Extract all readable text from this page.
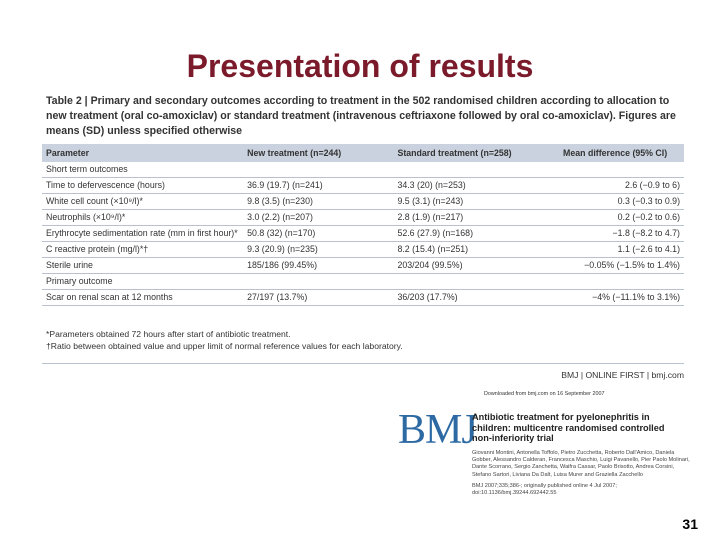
Presentation of results
Table 2 | Primary and secondary outcomes according to treatment in the 502 randomised children according to allocation to new treatment (oral co-amoxiclav) or standard treatment (intravenous ceftriaxone followed by oral co-amoxiclav). Figures are means (SD) unless specified otherwise
Parameter	New treatment (n=244)	Standard treatment (n=258)	Mean difference (95% CI)
Short term outcomes			
Time to defervescence (hours)	36.9 (19.7) (n=241)	34.3 (20) (n=253)	2.6 (−0.9 to 6)
White cell count (×10⁹/l)*	9.8 (3.5) (n=230)	9.5 (3.1) (n=243)	0.3 (−0.3 to 0.9)
Neutrophils (×10⁹/l)*	3.0 (2.2) (n=207)	2.8 (1.9) (n=217)	0.2 (−0.2 to 0.6)
Erythrocyte sedimentation rate (mm in first hour)*	50.8 (32) (n=170)	52.6 (27.9) (n=168)	−1.8 (−8.2 to 4.7)
C reactive protein (mg/l)*†	9.3 (20.9) (n=235)	8.2 (15.4) (n=251)	1.1 (−2.6 to 4.1)
Sterile urine	185/186 (99.45%)	203/204 (99.5%)	−0.05% (−1.5% to 1.4%)
Primary outcome			
Scar on renal scan at 12 months	27/197 (13.7%)	36/203 (17.7%)	−4% (−11.1% to 3.1%)
*Parameters obtained 72 hours after start of antibiotic treatment.
†Ratio between obtained value and upper limit of normal reference values for each laboratory.
BMJ | ONLINE FIRST | bmj.com
Downloaded from bmj.com on 16 September 2007
BMJ
Antibiotic treatment for pyelonephritis in children: multicentre randomised controlled non-inferiority trial
Giovanni Montini, Antonella Toffolo, Pietro Zucchetta, Roberto Dall'Amico, Daniela Gobber, Alessandro Calderan, Francesca Maschio, Luigi Pavanello, Pier Paolo Molinari, Dante Scorrano, Sergio Zanchetta, Waifra Cassar, Paolo Brisotto, Andrea Corsini, Stefano Sartori, Liviana Da Dalt, Luisa Murer and Graziella Zacchello
BMJ 2007;335;386-; originally published online 4 Jul 2007; doi:10.1136/bmj.39244.692442.55
31
